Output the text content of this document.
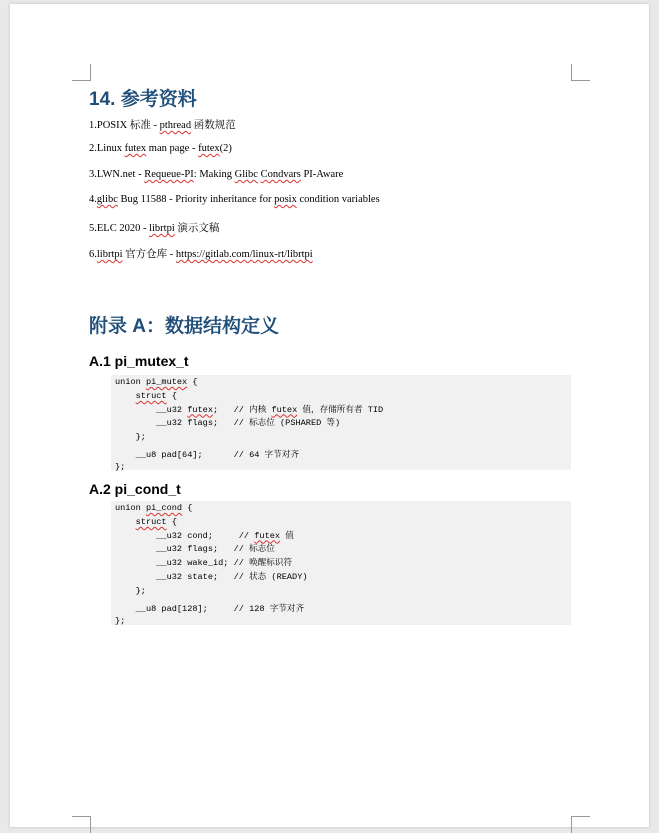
14. 参考资料
1.POSIX 标准 - pthread 函数规范
2.Linux futex man page - futex(2)
3.LWN.net - Requeue-PI: Making Glibc Condvars PI-Aware
4.glibc Bug 11588 - Priority inheritance for posix condition variables
5.ELC 2020 - librtpi 演示文稿
6.librtpi 官方仓库 - https://gitlab.com/linux-rt/librtpi
附录 A：数据结构定义
A.1 pi_mutex_t
union pi_mutex {
struct {
__u32 futex;   // 内核 futex 值，存储所有者 TID
__u32 flags;   // 标志位 (PSHARED 等)
};
__u8 pad[64];      // 64 字节对齐
};
A.2 pi_cond_t
union pi_cond {
struct {
__u32 cond;     // futex 值
__u32 flags;   // 标志位
__u32 wake_id; // 唤醒标识符
__u32 state;   // 状态 (READY)
};
__u8 pad[128];     // 128 字节对齐
};
